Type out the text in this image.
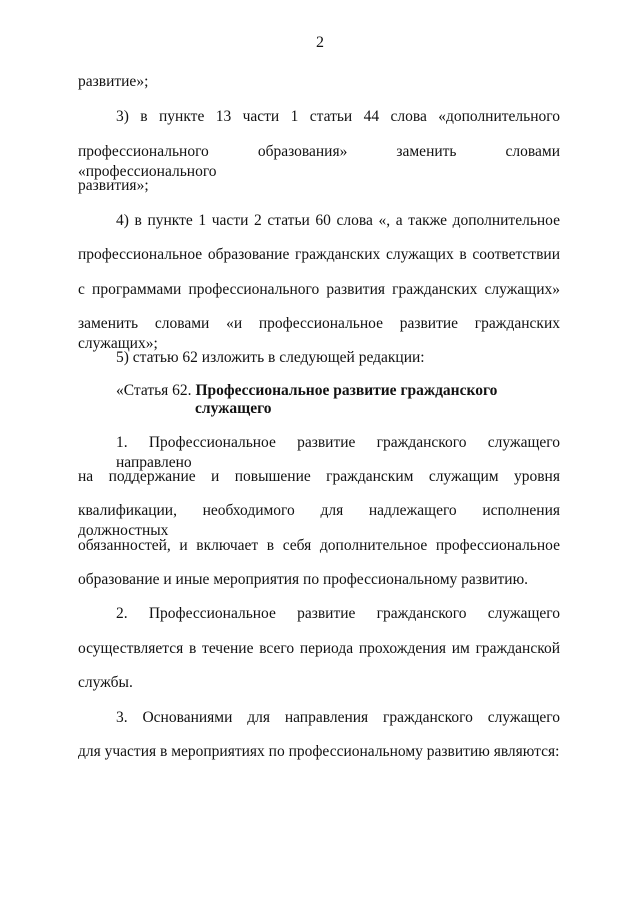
2
развитие»;
3) в пункте 13 части 1 статьи 44 слова «дополнительного
профессионального образования» заменить словами «профессионального
развития»;
4) в пункте 1 части 2 статьи 60 слова «, а также дополнительное
профессиональное образование гражданских служащих в соответствии
с программами профессионального развития гражданских служащих»
заменить словами «и профессиональное развитие гражданских служащих»;
5) статью 62 изложить в следующей редакции:
«Статья 62. Профессиональное развитие гражданского
служащего
1. Профессиональное развитие гражданского служащего направлено
на поддержание и повышение гражданским служащим уровня
квалификации, необходимого для надлежащего исполнения должностных
обязанностей, и включает в себя дополнительное профессиональное
образование и иные мероприятия по профессиональному развитию.
2. Профессиональное развитие гражданского служащего
осуществляется в течение всего периода прохождения им гражданской
службы.
3. Основаниями для направления гражданского служащего
для участия в мероприятиях по профессиональному развитию являются:
